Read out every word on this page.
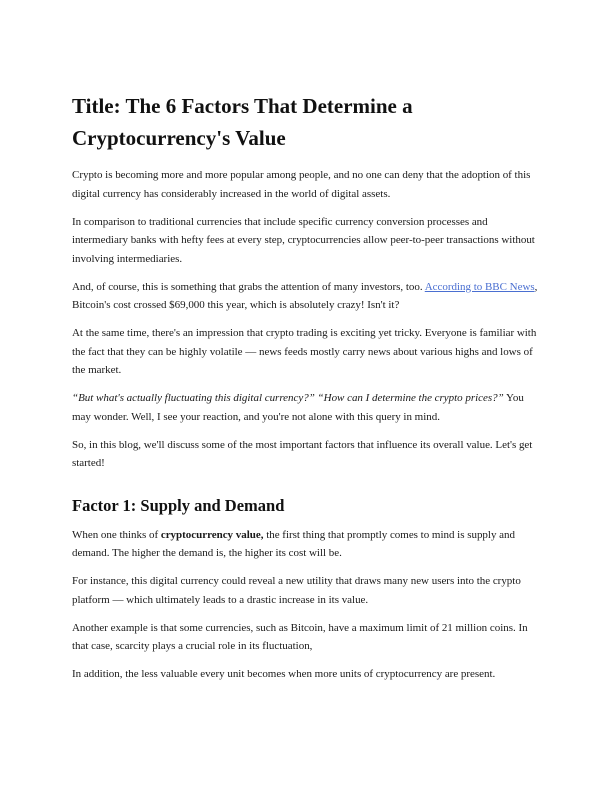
Title: The 6 Factors That Determine a Cryptocurrency's Value

Crypto is becoming more and more popular among people, and no one can deny that the adoption of this digital currency has considerably increased in the world of digital assets.

In comparison to traditional currencies that include specific currency conversion processes and intermediary banks with hefty fees at every step, cryptocurrencies allow peer-to-peer transactions without involving intermediaries.

And, of course, this is something that grabs the attention of many investors, too. According to BBC News, Bitcoin's cost crossed $69,000 this year, which is absolutely crazy! Isn't it?

At the same time, there's an impression that crypto trading is exciting yet tricky. Everyone is familiar with the fact that they can be highly volatile — news feeds mostly carry news about various highs and lows of the market.

“But what's actually fluctuating this digital currency?” “How can I determine the crypto prices?” You may wonder. Well, I see your reaction, and you're not alone with this query in mind.

So, in this blog, we'll discuss some of the most important factors that influence its overall value. Let's get started!

Factor 1: Supply and Demand

When one thinks of cryptocurrency value, the first thing that promptly comes to mind is supply and demand. The higher the demand is, the higher its cost will be.

For instance, this digital currency could reveal a new utility that draws many new users into the crypto platform — which ultimately leads to a drastic increase in its value.

Another example is that some currencies, such as Bitcoin, have a maximum limit of 21 million coins. In that case, scarcity plays a crucial role in its fluctuation,

In addition, the less valuable every unit becomes when more units of cryptocurrency are present.
